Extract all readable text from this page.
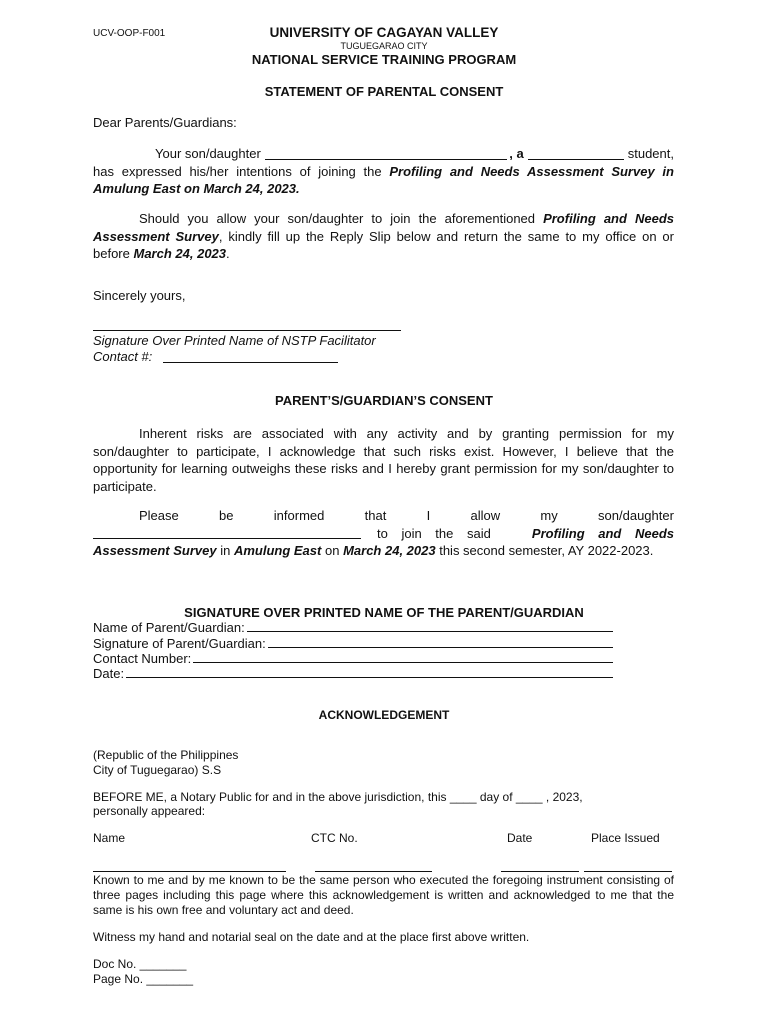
UCV-OOP-F001	UNIVERSITY OF CAGAYAN VALLEY
TUGUEGARAO CITY
NATIONAL SERVICE TRAINING PROGRAM
STATEMENT OF PARENTAL CONSENT
Dear Parents/Guardians:
Your son/daughter	, a	student,
has expressed his/her intentions of joining the Profiling and Needs Assessment Survey in Amulung East on March 24, 2023.
Should you allow your son/daughter to join the aforementioned Profiling and Needs Assessment Survey, kindly fill up the Reply Slip below and return the same to my office on or before March 24, 2023.
Sincerely yours,
Signature Over Printed Name of NSTP Facilitator
Contact #:
PARENT’S/GUARDIAN’S CONSENT
Inherent risks are associated with any activity and by granting permission for my son/daughter to participate, I acknowledge that such risks exist. However, I believe that the opportunity for learning outweighs these risks and I hereby grant permission for my son/daughter to participate.
Please	be	informed	that	I	allow	my	son/daughter
to join the said	Profiling and Needs
Assessment Survey in Amulung East on March 24, 2023 this second semester, AY 2022-2023.
SIGNATURE OVER PRINTED NAME OF THE PARENT/GUARDIAN
Name of Parent/Guardian:
Signature of Parent/Guardian:
Contact Number:
Date:
ACKNOWLEDGEMENT
(Republic of the Philippines
City of Tuguegarao) S.S
BEFORE ME, a Notary Public for and in the above jurisdiction, this ____ day of ____ , 2023,
personally appeared:
Name	CTC No.	Date	Place Issued
Known to me and by me known to be the same person who executed the foregoing instrument consisting of three pages including this page where this acknowledgement is written and acknowledged to me that the same is his own free and voluntary act and deed.
Witness my hand and notarial seal on the date and at the place first above written.
Doc No. _______
Page No. _______
